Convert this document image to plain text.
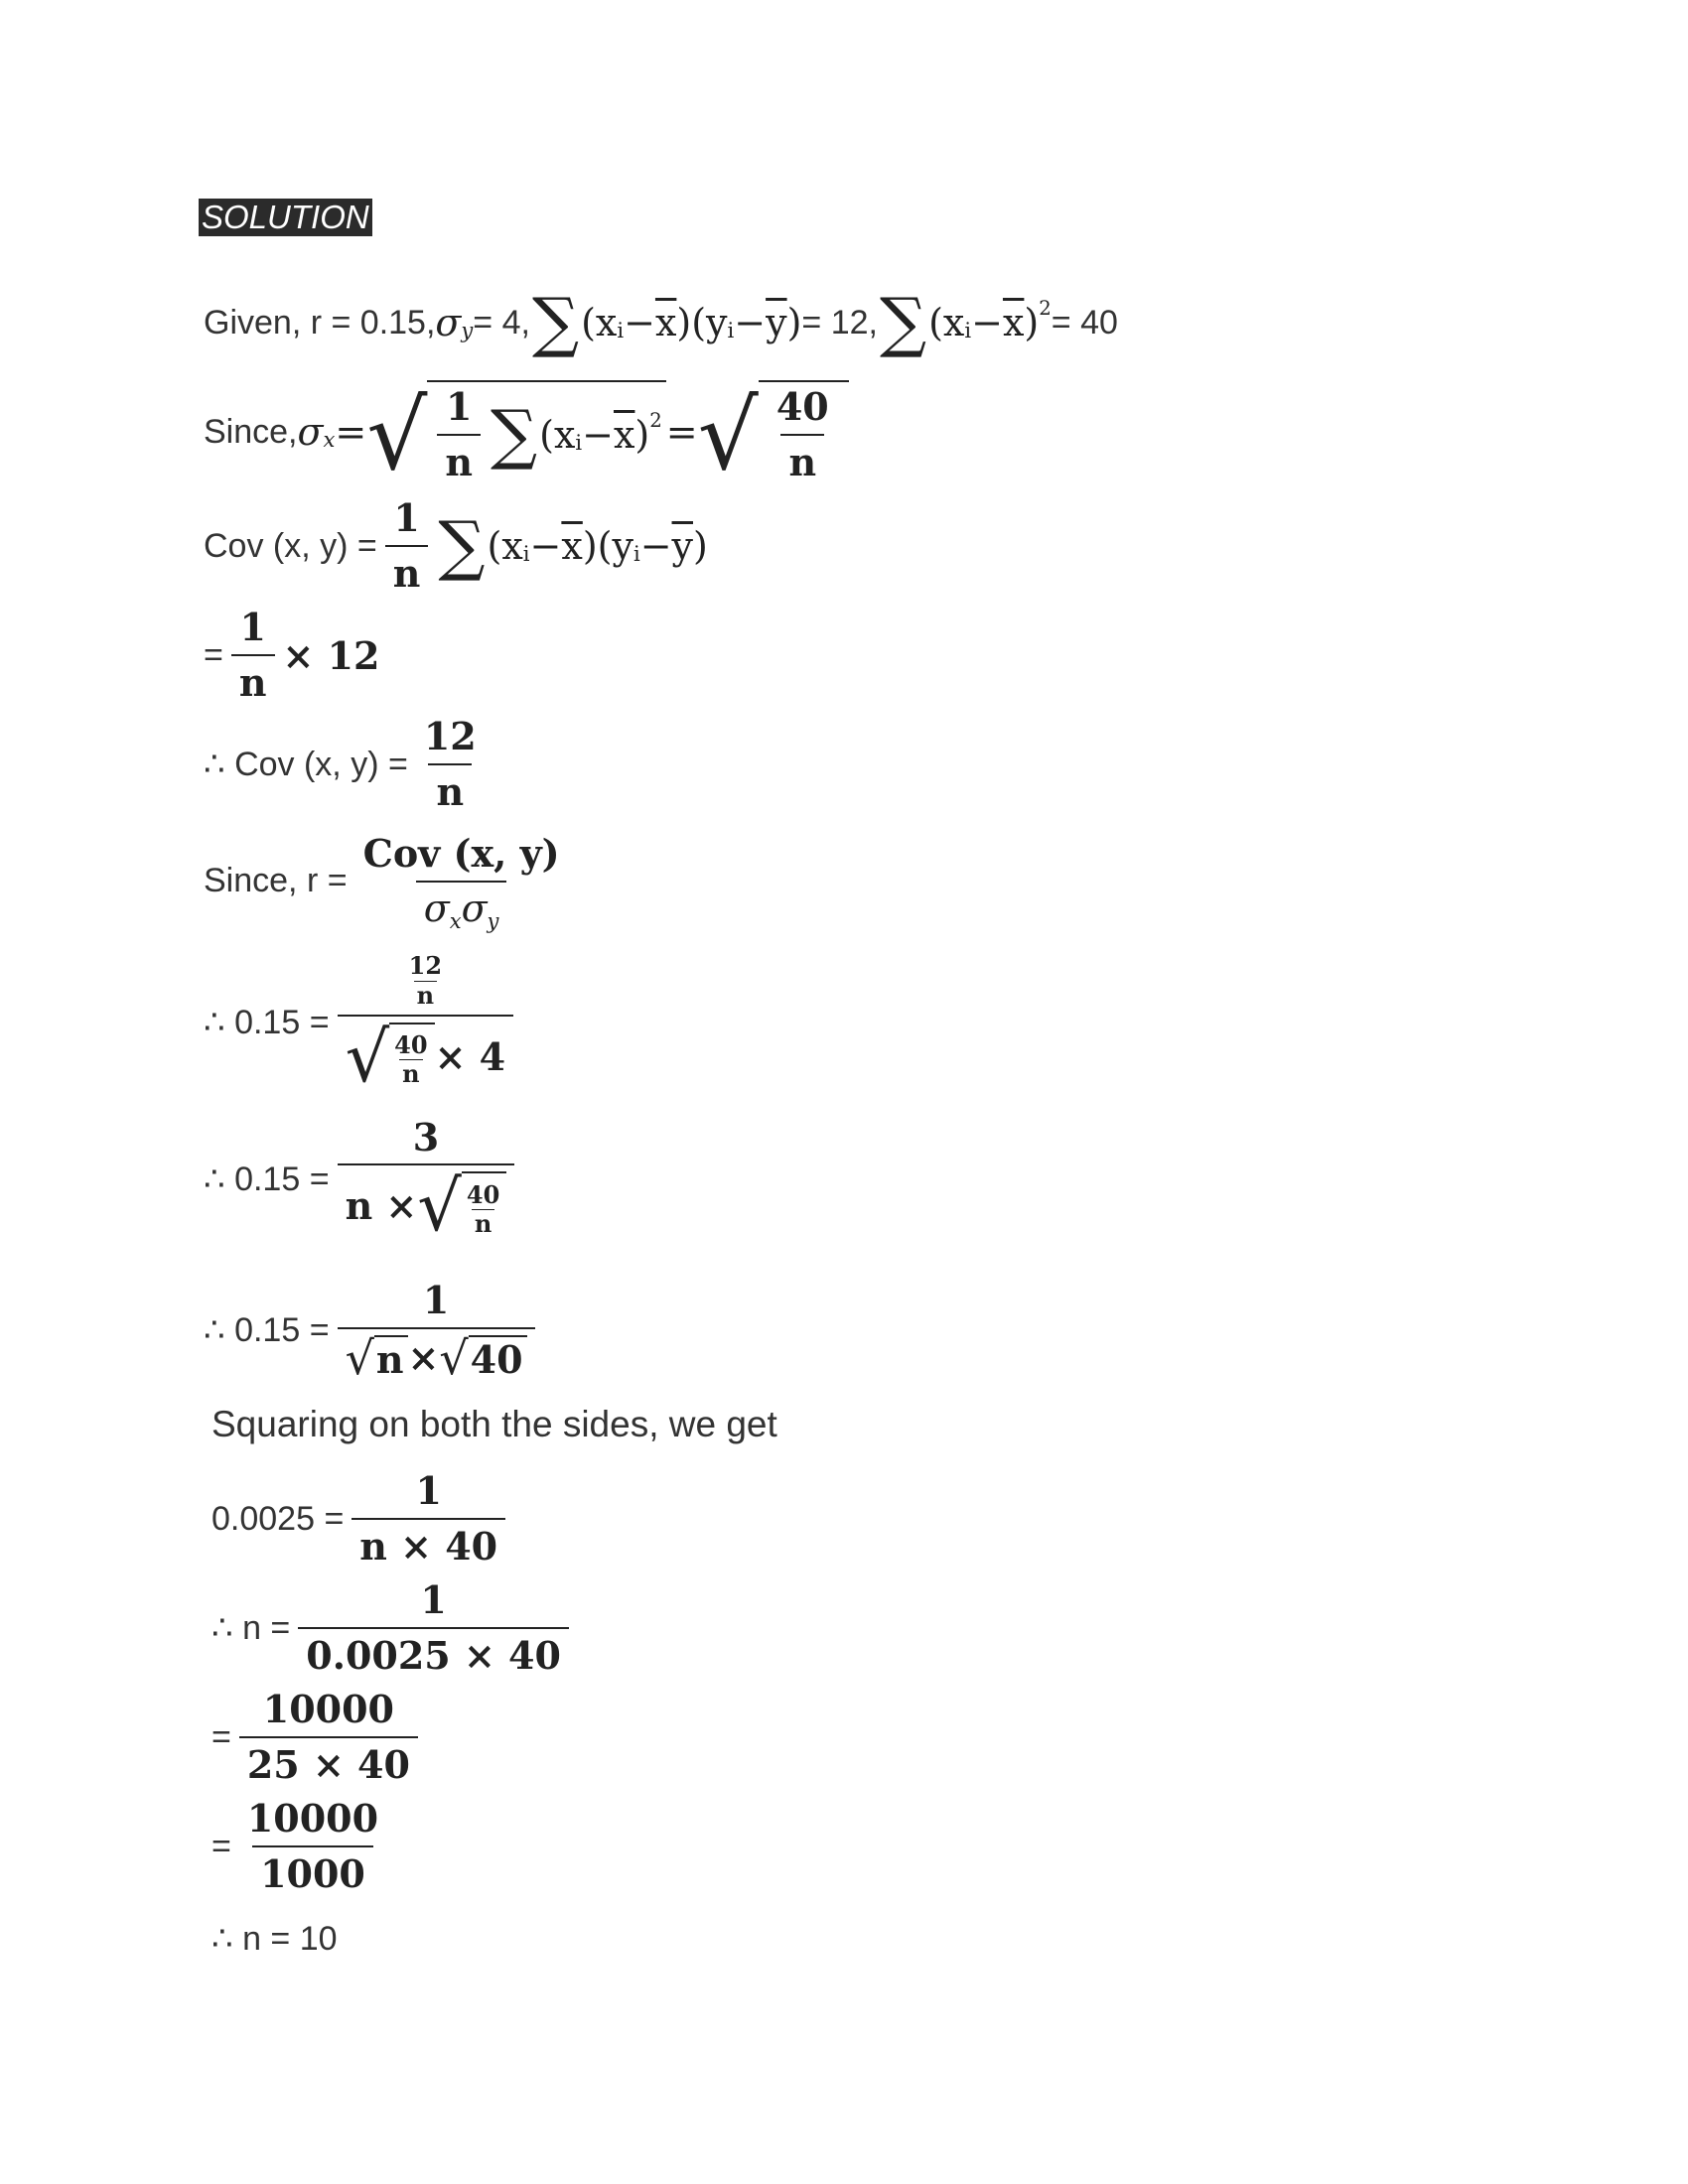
SOLUTION
Given, r = 0.15, σ y = 4, ∑ (x $i - \overline{x}$ )(y $i - \overline{y}$ ) = 12, ∑ (x $i - \overline{x}$ ) 2 = 40
Since, σ x = √ $\frac{1}{n}$ ∑ (x $i - \overline{x}$ ) 2 = √ $\frac{40}{n}$
Cov (x, $y) = \frac{1}{n}$ ∑ (x $i - \overline{x}$ )(y $i - \overline{y}$ )
= $\frac{1}{n} \times 12$
∴ Cov (x, $y) = \frac{12}{n}$
Since, $r = \frac{\text{Cov (x, y)}}{\sigma_x\sigma_y}$
∴ 0.15 =
$\frac{12}{n}$
√ $\frac{40}{n} \times 4$
∴ 0.15 =
3
n × √ $\frac{40}{n}$
∴ 0.15 =
1
√ n × √ 40
Squaring on both the sides, we get
$0.0025 = \frac{1}{n \times 40}$
∴ $n = \frac{1}{0.0025 \times 40}$
= $\frac{10000}{25 \times 40}$
= $\frac{10000}{1000}$
∴ n = 10
